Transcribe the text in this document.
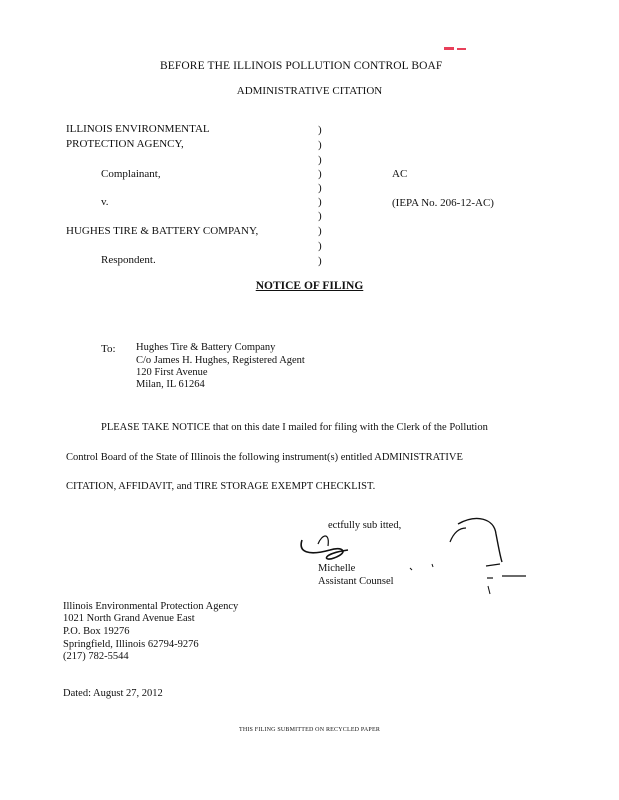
BEFORE THE ILLINOIS POLLUTION CONTROL BOAF
ADMINISTRATIVE CITATION
ILLINOIS ENVIRONMENTAL
PROTECTION AGENCY,
Complainant,
v.
HUGHES TIRE & BATTERY COMPANY,
Respondent.
AC
(IEPA No. 206-12-AC)
)
)
)
)
)
)
)
)
)
)
NOTICE OF FILING
To: Hughes Tire & Battery Company
C/o James H. Hughes, Registered Agent
120 First Avenue
Milan, IL 61264
PLEASE TAKE NOTICE that on this date I mailed for filing with the Clerk of the Pollution
Control Board of the State of Illinois the following instrument(s) entitled ADMINISTRATIVE
CITATION, AFFIDAVIT, and TIRE STORAGE EXEMPT CHECKLIST.
ectfully sub itted,
Michelle
Assistant Counsel
Illinois Environmental Protection Agency
1021 North Grand Avenue East
P.O. Box 19276
Springfield, Illinois 62794-9276
(217) 782-5544
Dated: August 27, 2012
THIS FILING SUBMITTED ON RECYCLED PAPER
